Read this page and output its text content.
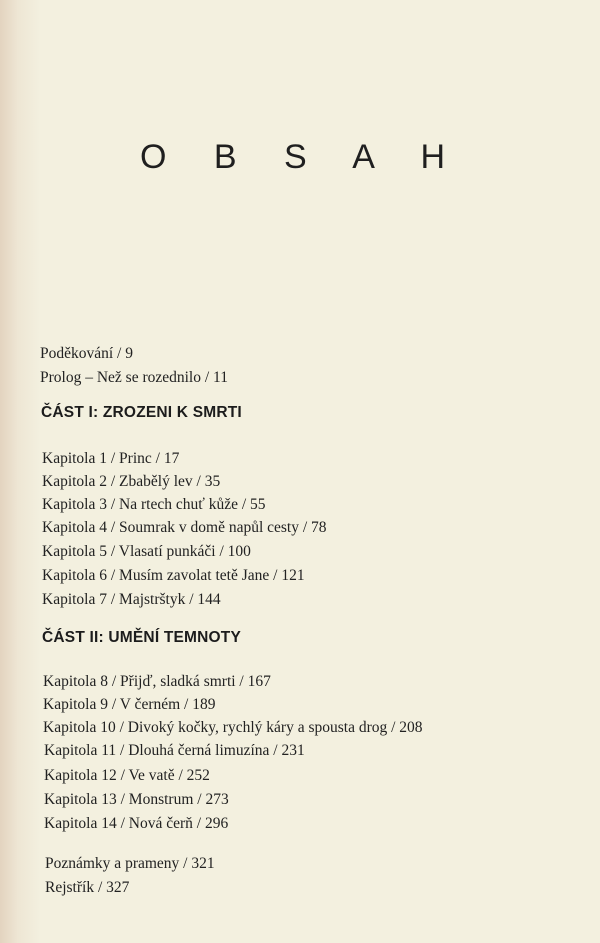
O B S A H
Poděkování / 9
Prolog – Než se rozednilo / 11
ČÁST I: ZROZENI K SMRTI
Kapitola 1 / Princ / 17
Kapitola 2 / Zbabělý lev / 35
Kapitola 3 / Na rtech chuť kůže / 55
Kapitola 4 / Soumrak v domě napůl cesty / 78
Kapitola 5 / Vlasatí punkáči / 100
Kapitola 6 / Musím zavolat tetě Jane / 121
Kapitola 7 / Majstrštyk / 144
ČÁST II: UMĚNÍ TEMNOTY
Kapitola 8 / Přijď, sladká smrti / 167
Kapitola 9 / V černém / 189
Kapitola 10 / Divoký kočky, rychlý káry a spousta drog / 208
Kapitola 11 / Dlouhá černá limuzína / 231
Kapitola 12 / Ve vatě / 252
Kapitola 13 / Monstrum / 273
Kapitola 14 / Nová čerň / 296
Poznámky a prameny / 321
Rejstřík / 327
